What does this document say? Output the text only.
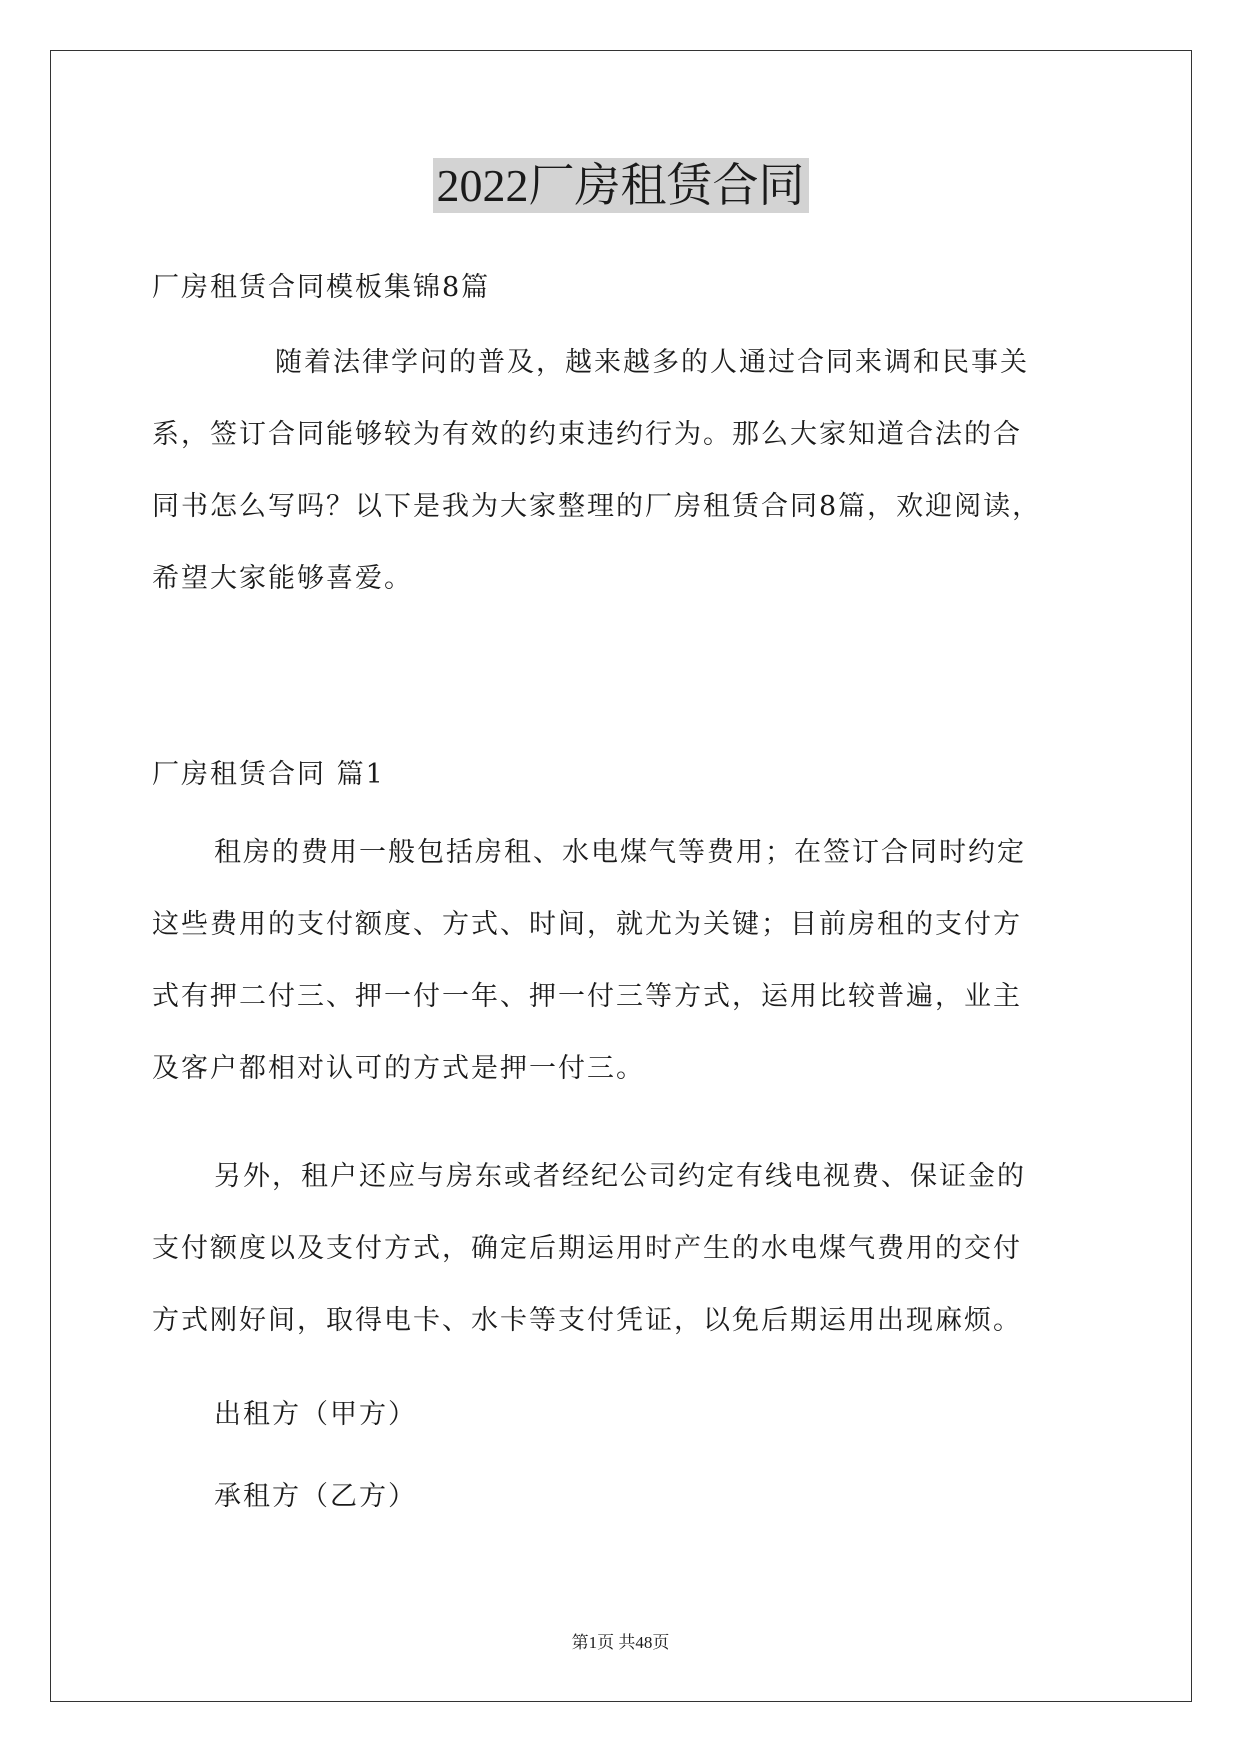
2022厂房租赁合同
厂房租赁合同模板集锦8篇
随着法律学问的普及，越来越多的人通过合同来调和民事关
系，签订合同能够较为有效的约束违约行为。那么大家知道合法的合
同书怎么写吗？以下是我为大家整理的厂房租赁合同8篇，欢迎阅读，
希望大家能够喜爱。
厂房租赁合同 篇1
租房的费用一般包括房租、水电煤气等费用；在签订合同时约定
这些费用的支付额度、方式、时间，就尤为关键；目前房租的支付方
式有押二付三、押一付一年、押一付三等方式，运用比较普遍，业主
及客户都相对认可的方式是押一付三。
另外，租户还应与房东或者经纪公司约定有线电视费、保证金的
支付额度以及支付方式，确定后期运用时产生的水电煤气费用的交付
方式刚好间，取得电卡、水卡等支付凭证，以免后期运用出现麻烦。
出租方（甲方）
承租方（乙方）
第1页 共48页
